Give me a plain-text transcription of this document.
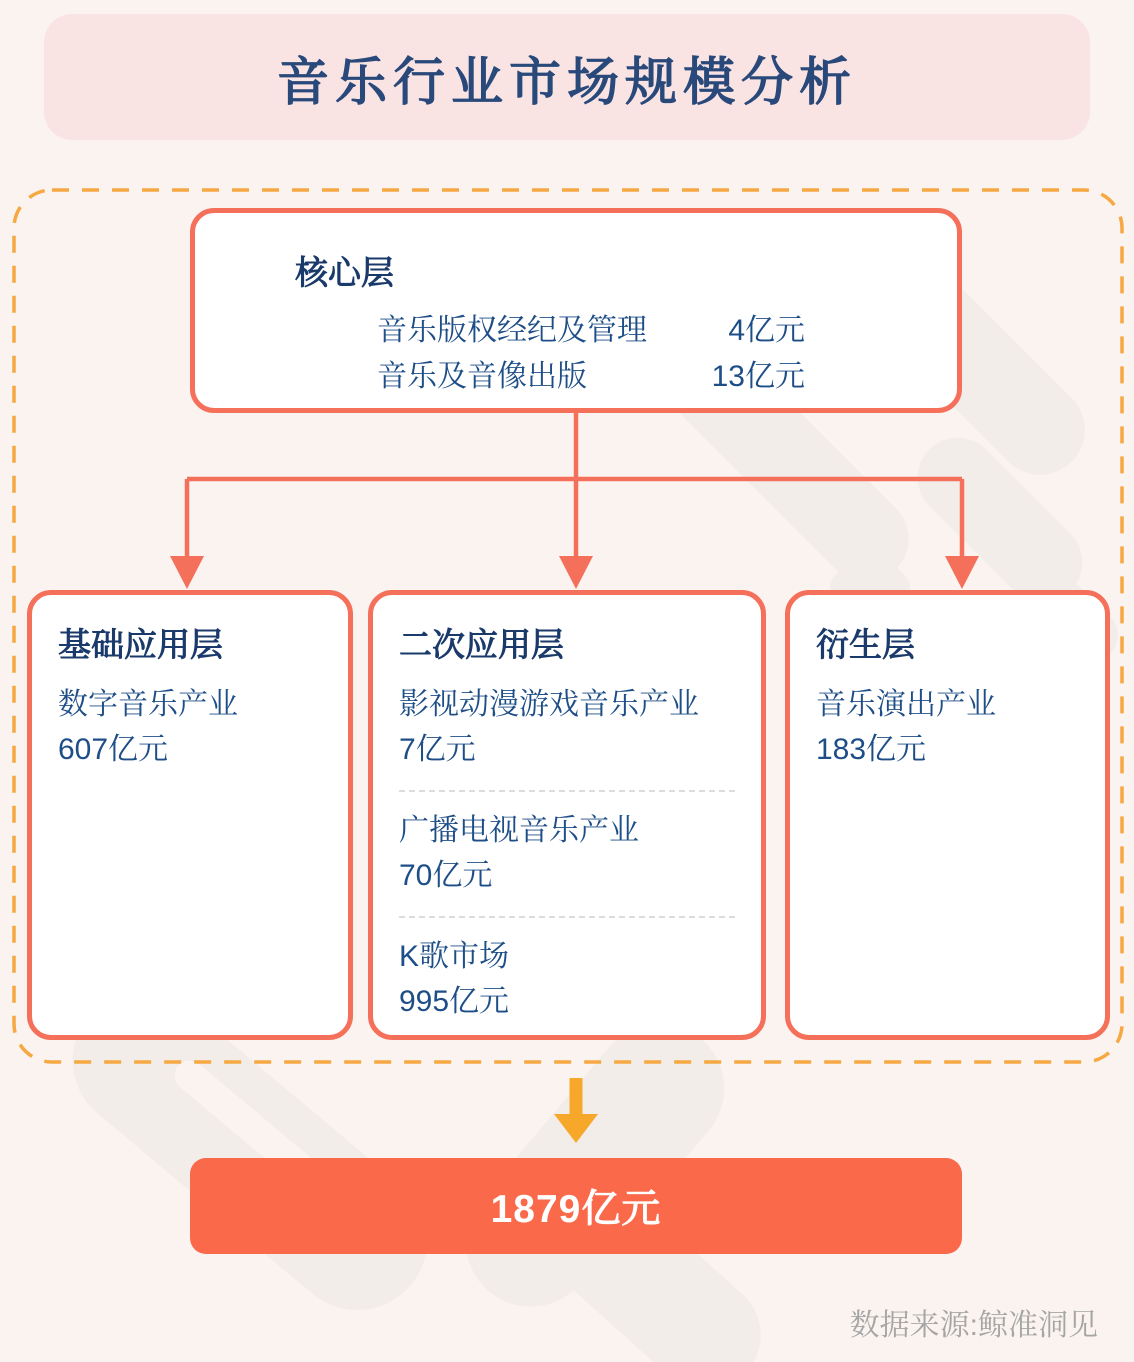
音乐行业市场规模分析
核心层
音乐版权经纪及管理	4亿元
音乐及音像出版	13亿元
基础应用层
数字音乐产业
607亿元
二次应用层
影视动漫游戏音乐产业
7亿元
广播电视音乐产业
70亿元
K歌市场
995亿元
衍生层
音乐演出产业
183亿元
1879亿元
数据来源:鲸准洞见
